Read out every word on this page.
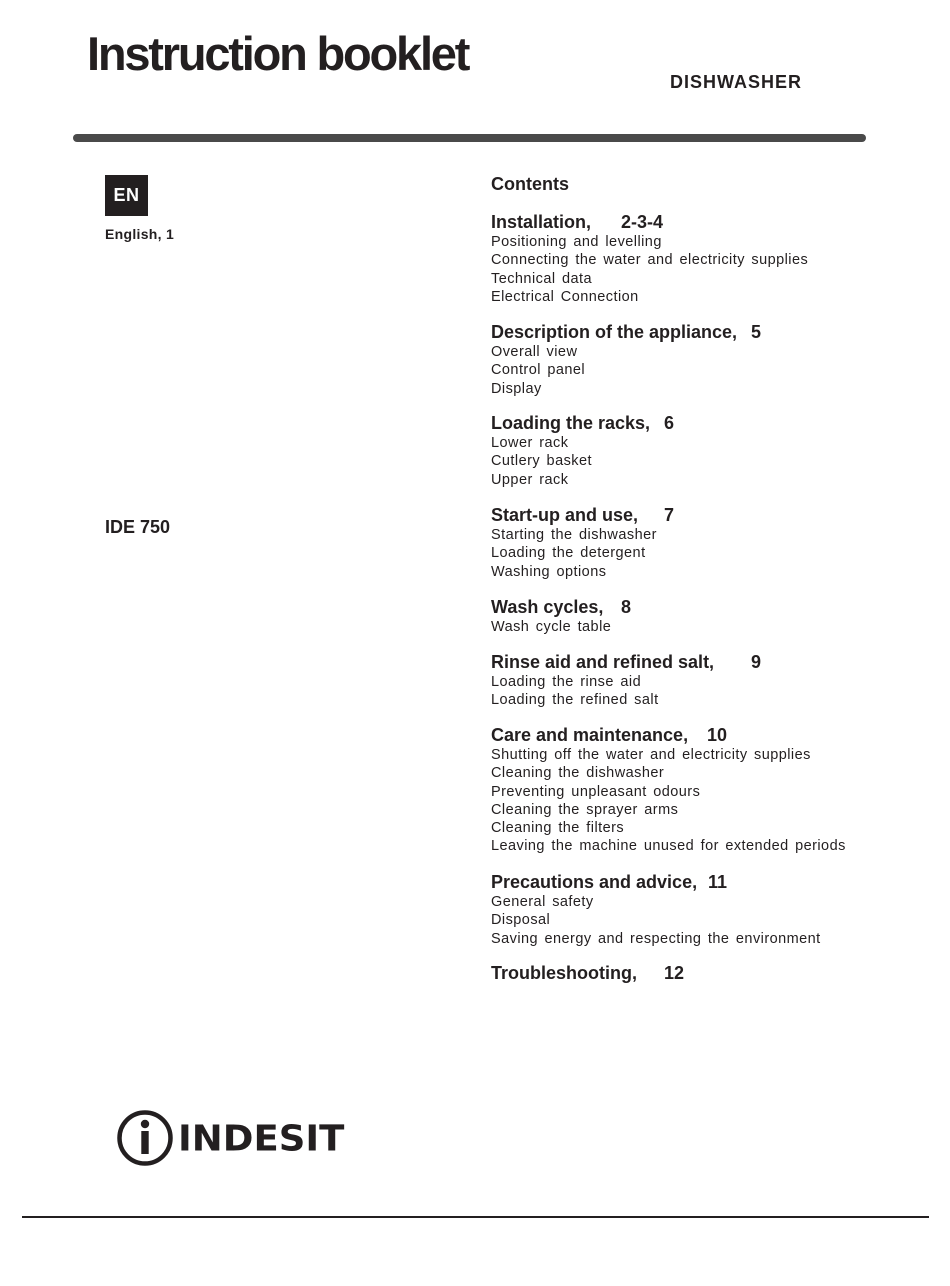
Instruction booklet
DISHWASHER
EN
English, 1
IDE 750
Contents
Installation, 2-3-4
Positioning and levelling
Connecting the water and electricity supplies
Technical data
Electrical Connection
Description of the appliance, 5
Overall view
Control panel
Display
Loading the racks, 6
Lower rack
Cutlery basket
Upper rack
Start-up and use, 7
Starting the dishwasher
Loading the detergent
Washing options
Wash cycles, 8
Wash cycle table
Rinse aid and refined salt, 9
Loading the rinse aid
Loading the refined salt
Care and maintenance, 10
Shutting off the water and electricity supplies
Cleaning the dishwasher
Preventing unpleasant odours
Cleaning the sprayer arms
Cleaning the filters
Leaving the machine unused for extended periods
Precautions and advice, 11
General safety
Disposal
Saving energy and respecting the environment
Troubleshooting, 12
INDESIT
